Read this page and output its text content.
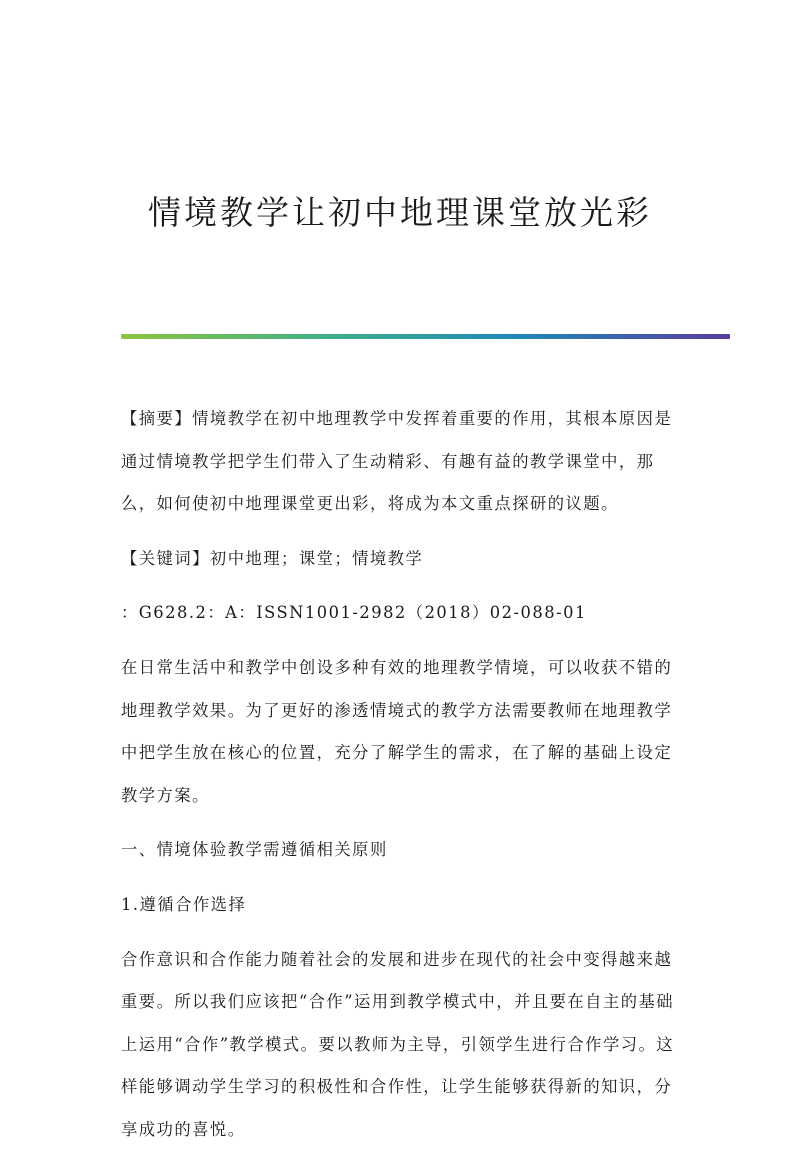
情境教学让初中地理课堂放光彩

【摘要】情境教学在初中地理教学中发挥着重要的作用，其根本原因是通过情境教学把学生们带入了生动精彩、有趣有益的教学课堂中，那么，如何使初中地理课堂更出彩，将成为本文重点探研的议题。

【关键词】初中地理；课堂；情境教学

：G628.2：A：ISSN1001-2982（2018）02-088-01

在日常生活中和教学中创设多种有效的地理教学情境，可以收获不错的地理教学效果。为了更好的渗透情境式的教学方法需要教师在地理教学中把学生放在核心的位置，充分了解学生的需求，在了解的基础上设定教学方案。

一、情境体验教学需遵循相关原则

1.遵循合作选择

合作意识和合作能力随着社会的发展和进步在现代的社会中变得越来越重要。所以我们应该把“合作”运用到教学模式中，并且要在自主的基础上运用“合作”教学模式。要以教师为主导，引领学生进行合作学习。这样能够调动学生学习的积极性和合作性，让学生能够获得新的知识，分享成功的喜悦。
